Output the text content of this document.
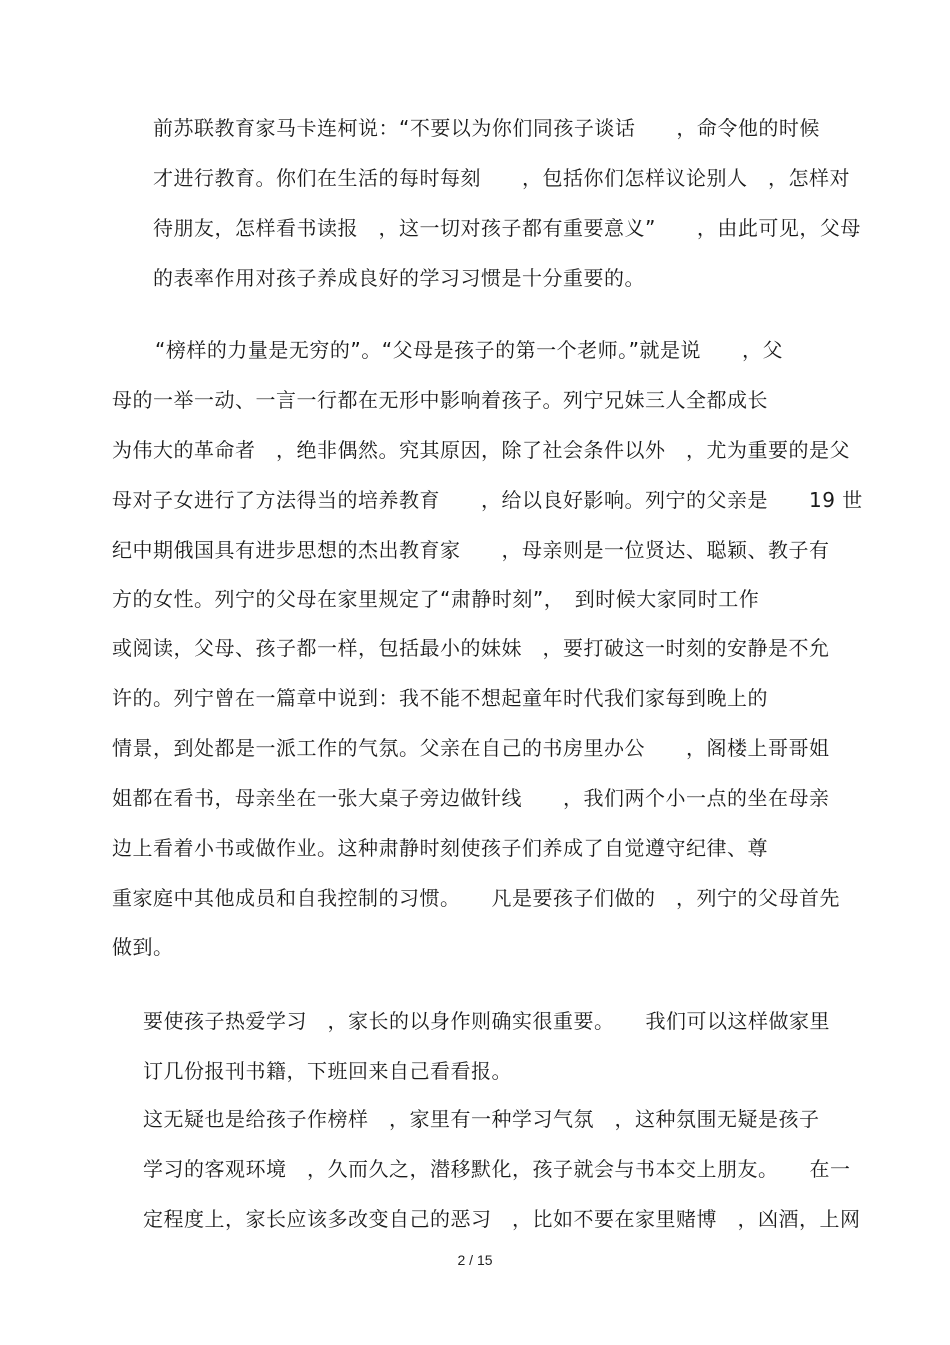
前苏联教育家马卡连柯说：“不要以为你们同孩子谈话　　，命令他的时候

才进行教育。你们在生活的每时每刻　　，包括你们怎样议论别人　，怎样对

待朋友，怎样看书读报　，这一切对孩子都有重要意义”　　，由此可见，父母

的表率作用对孩子养成良好的学习习惯是十分重要的。

“榜样的力量是无穷的”。“父母是孩子的第一个老师。”就是说　　，父

母的一举一动、一言一行都在无形中影响着孩子。列宁兄妹三人全都成长

为伟大的革命者　，绝非偶然。究其原因，除了社会条件以外　，尤为重要的是父

母对子女进行了方法得当的培养教育　　，给以良好影响。列宁的父亲是　　19 世

纪中期俄国具有进步思想的杰出教育家　　，母亲则是一位贤达、聪颖、教子有

方的女性。列宁的父母在家里规定了“肃静时刻”，　到时候大家同时工作

或阅读，父母、孩子都一样，包括最小的妹妹　，要打破这一时刻的安静是不允

许的。列宁曾在一篇章中说到：我不能不想起童年时代我们家每到晚上的

情景，到处都是一派工作的气氛。父亲在自己的书房里办公　　，阁楼上哥哥姐

姐都在看书，母亲坐在一张大桌子旁边做针线　　，我们两个小一点的坐在母亲

边上看着小书或做作业。这种肃静时刻使孩子们养成了自觉遵守纪律、尊

重家庭中其他成员和自我控制的习惯。　　凡是要孩子们做的　，列宁的父母首先

做到。

要使孩子热爱学习　，家长的以身作则确实很重要。　　我们可以这样做家里

订几份报刊书籍，下班回来自己看看报。

这无疑也是给孩子作榜样　，家里有一种学习气氛　，这种氛围无疑是孩子

学习的客观环境　，久而久之，潜移默化，孩子就会与书本交上朋友。　　在一

定程度上，家长应该多改变自己的恶习　，比如不要在家里赌博　，凶酒，上网

2 / 15
